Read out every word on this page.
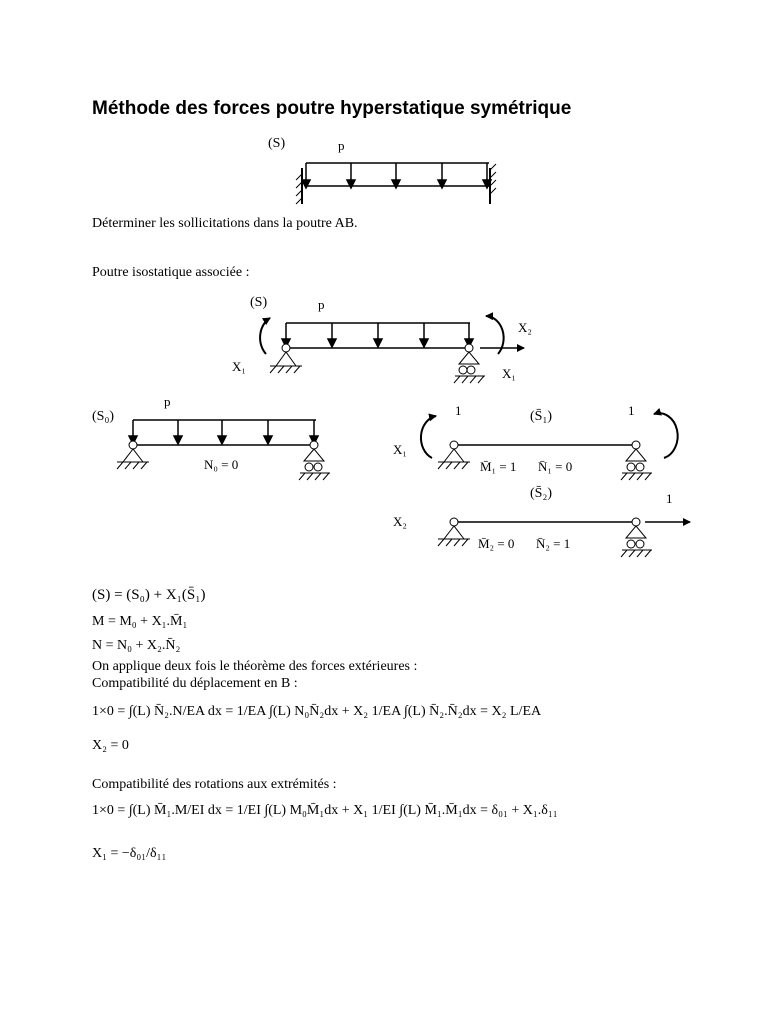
Méthode des forces poutre hyperstatique symétrique
(S)	p
(S)	p
X₂
X₁	X₁
(S₀)
p
N₀ = 0
(S̄₁)
1	1
X₁
M̄₁ = 1 N̄₁ = 0
(S̄₂)	1
X₂
M̄₂ = 0 N̄₂ = 1
Déterminer les sollicitations dans la poutre AB.
Poutre isostatique associée :
(S) = (S₀) + X₁(S̄₁)
M = M₀ + X₁.M̄₁
N = N₀ + X₂.N̄₂
On applique deux fois le théorème des forces extérieures :
Compatibilité du déplacement en B :
1×0 = ∫(L) N̄₂.N/EA dx = 1/EA ∫(L) N₀N̄₂dx + X₂ 1/EA ∫(L) N̄₂.N̄₂dx = X₂ L/EA
X₂ = 0
Compatibilité des rotations aux extrémités :
1×0 = ∫(L) M̄₁.M/EI dx = 1/EI ∫(L) M₀M̄₁dx + X₁ 1/EI ∫(L) M̄₁.M̄₁dx = δ₀₁ + X₁.δ₁₁
X₁ = −δ₀₁/δ₁₁
